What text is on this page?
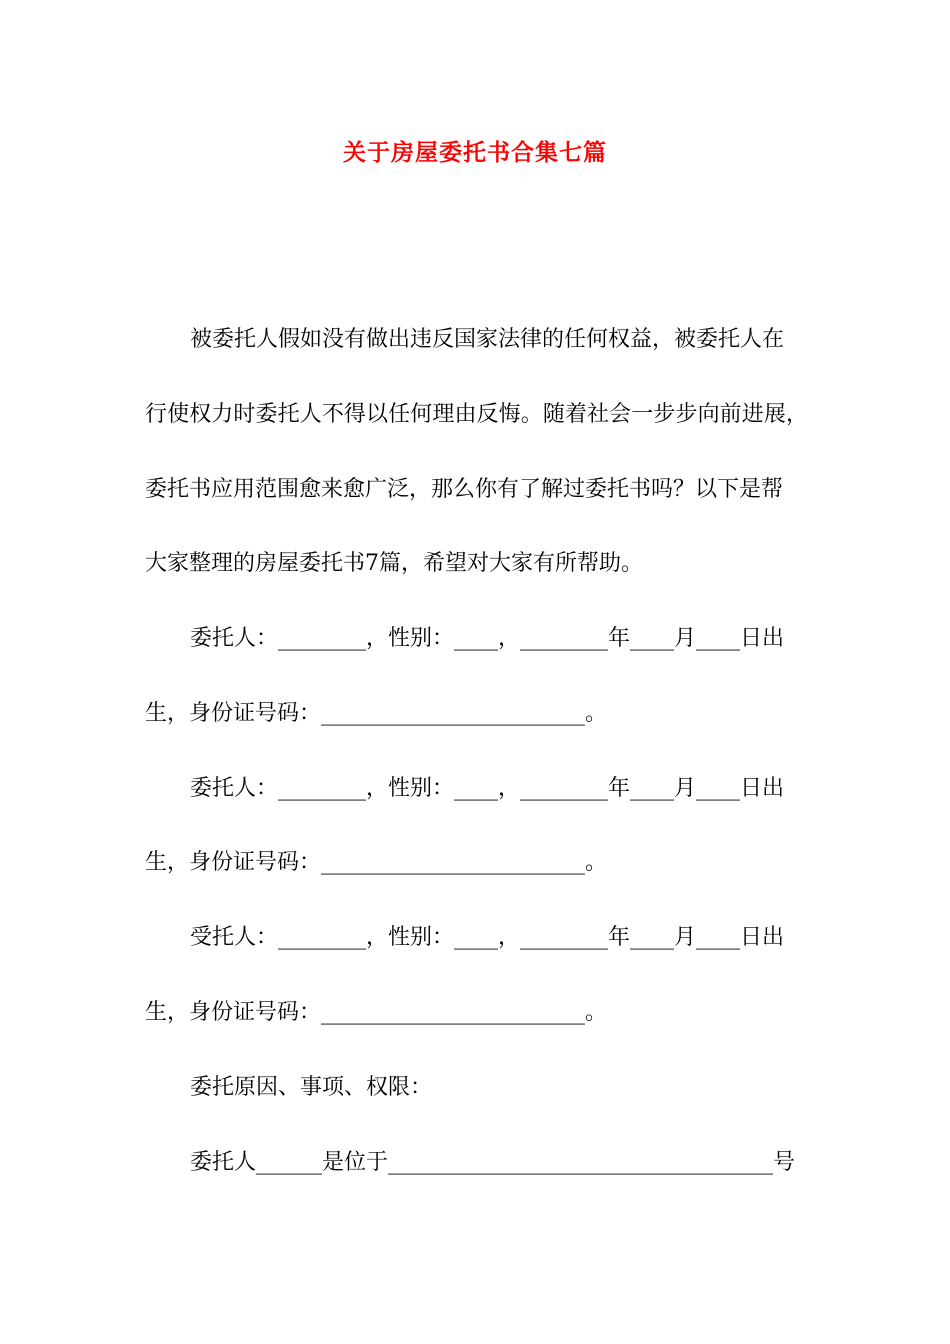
关于房屋委托书合集七篇
被委托人假如没有做出违反国家法律的任何权益，被委托人在
行使权力时委托人不得以任何理由反悔。随着社会一步步向前进展，
委托书应用范围愈来愈广泛，那么你有了解过委托书吗？以下是帮
大家整理的房屋委托书7篇，希望对大家有所帮助。
委托人：________，性别：____，________年____月____日出
生，身份证号码：________________________。
委托人：________，性别：____，________年____月____日出
生，身份证号码：________________________。
受托人：________，性别：____，________年____月____日出
生，身份证号码：________________________。
委托原因、事项、权限：
委托人______是位于___________________________________号
